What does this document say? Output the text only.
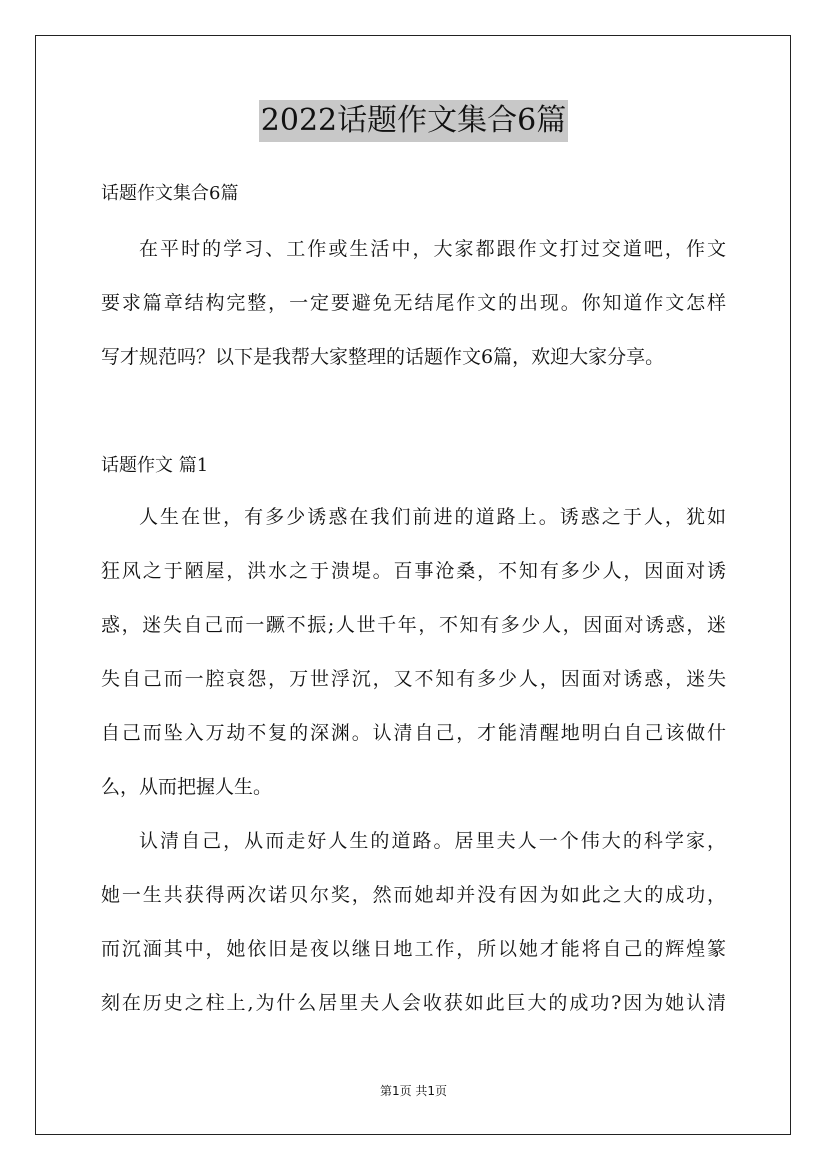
2022话题作文集合6篇

话题作文集合6篇

在平时的学习、工作或生活中，大家都跟作文打过交道吧，作文
要求篇章结构完整，一定要避免无结尾作文的出现。你知道作文怎样
写才规范吗？以下是我帮大家整理的话题作文6篇，欢迎大家分享。

话题作文 篇1

人生在世，有多少诱惑在我们前进的道路上。诱惑之于人，犹如
狂风之于陋屋，洪水之于溃堤。百事沧桑，不知有多少人，因面对诱
惑，迷失自己而一蹶不振;人世千年，不知有多少人，因面对诱惑，迷
失自己而一腔哀怨，万世浮沉，又不知有多少人，因面对诱惑，迷失
自己而坠入万劫不复的深渊。认清自己，才能清醒地明白自己该做什
么，从而把握人生。
认清自己，从而走好人生的道路。居里夫人一个伟大的科学家，
她一生共获得两次诺贝尔奖，然而她却并没有因为如此之大的成功，
而沉湎其中，她依旧是夜以继日地工作，所以她才能将自己的辉煌篆
刻在历史之柱上,为什么居里夫人会收获如此巨大的成功?因为她认清
第1页 共1页
